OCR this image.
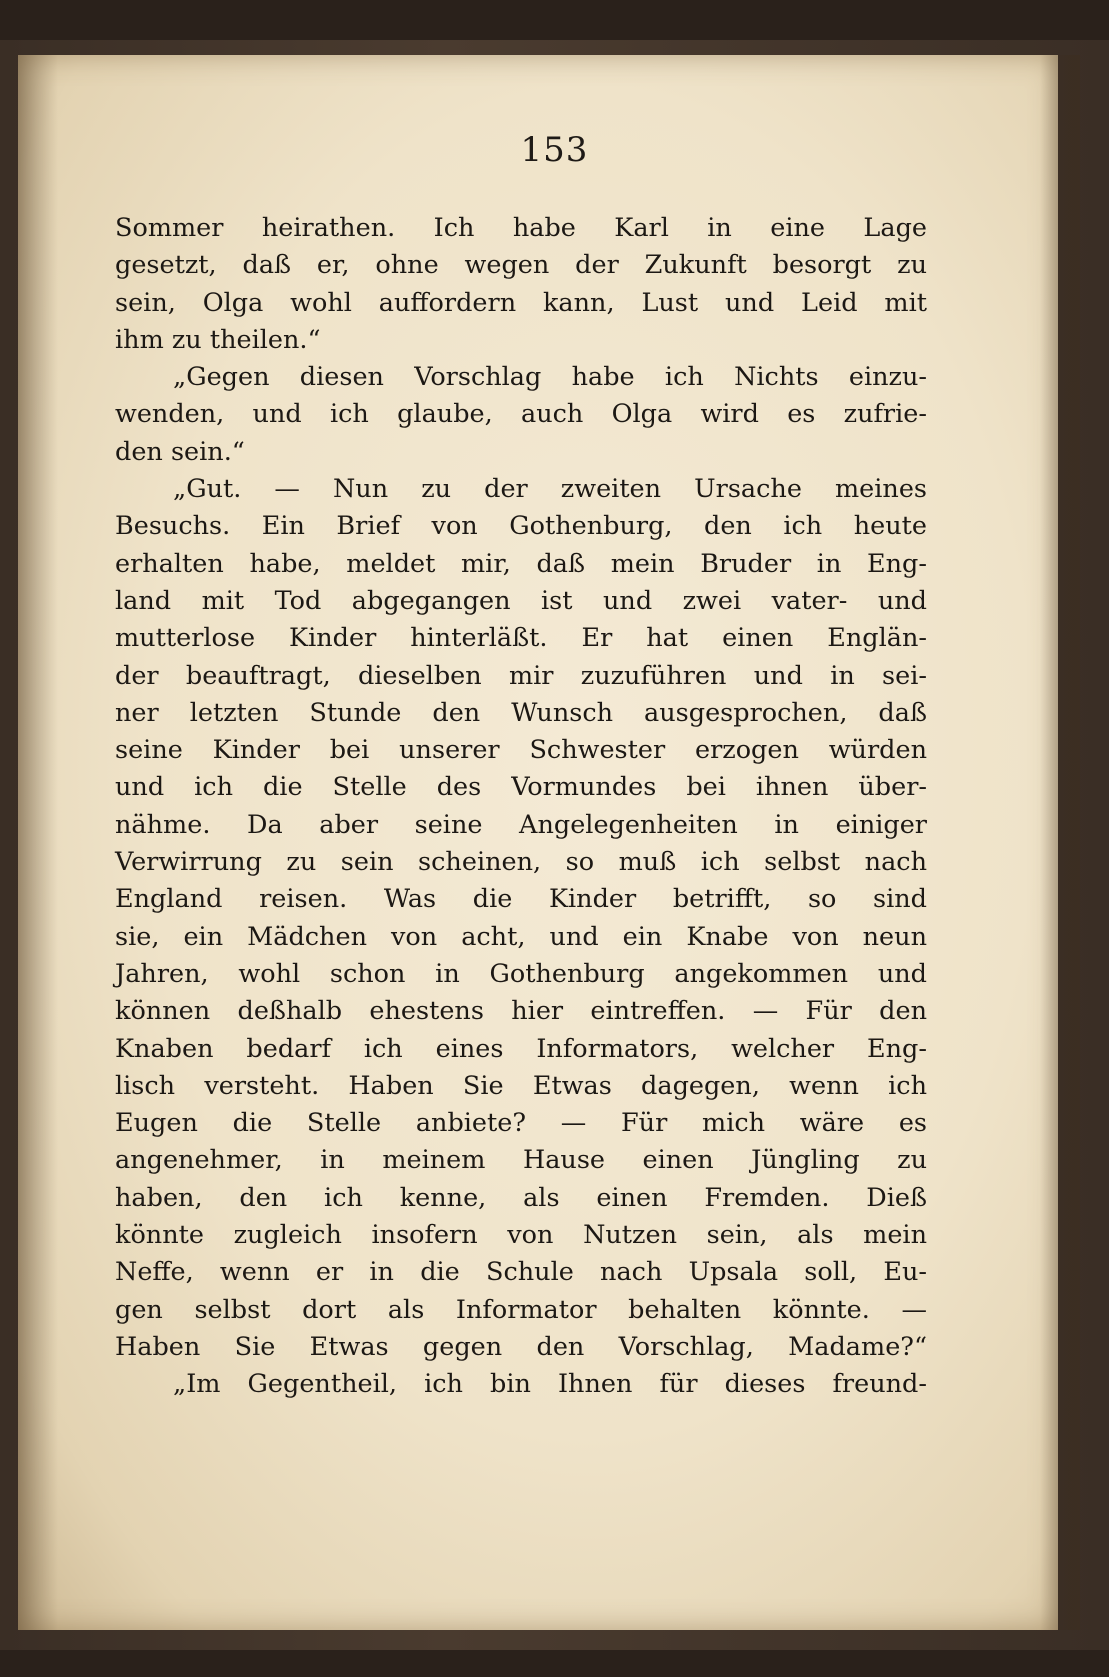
153
Sommer heirathen. Ich habe Karl in eine Lage
gesetzt, daß er, ohne wegen der Zukunft besorgt zu
sein, Olga wohl auffordern kann, Lust und Leid mit
ihm zu theilen.“
„Gegen diesen Vorschlag habe ich Nichts einzu-
wenden, und ich glaube, auch Olga wird es zufrie-
den sein.“
„Gut. — Nun zu der zweiten Ursache meines
Besuchs. Ein Brief von Gothenburg, den ich heute
erhalten habe, meldet mir, daß mein Bruder in Eng-
land mit Tod abgegangen ist und zwei vater- und
mutterlose Kinder hinterläßt. Er hat einen Englän-
der beauftragt, dieselben mir zuzuführen und in sei-
ner letzten Stunde den Wunsch ausgesprochen, daß
seine Kinder bei unserer Schwester erzogen würden
und ich die Stelle des Vormundes bei ihnen über-
nähme. Da aber seine Angelegenheiten in einiger
Verwirrung zu sein scheinen, so muß ich selbst nach
England reisen. Was die Kinder betrifft, so sind
sie, ein Mädchen von acht, und ein Knabe von neun
Jahren, wohl schon in Gothenburg angekommen und
können deßhalb ehestens hier eintreffen. — Für den
Knaben bedarf ich eines Informators, welcher Eng-
lisch versteht. Haben Sie Etwas dagegen, wenn ich
Eugen die Stelle anbiete? — Für mich wäre es
angenehmer, in meinem Hause einen Jüngling zu
haben, den ich kenne, als einen Fremden. Dieß
könnte zugleich insofern von Nutzen sein, als mein
Neffe, wenn er in die Schule nach Upsala soll, Eu-
gen selbst dort als Informator behalten könnte. —
Haben Sie Etwas gegen den Vorschlag, Madame?“
„Im Gegentheil, ich bin Ihnen für dieses freund-
